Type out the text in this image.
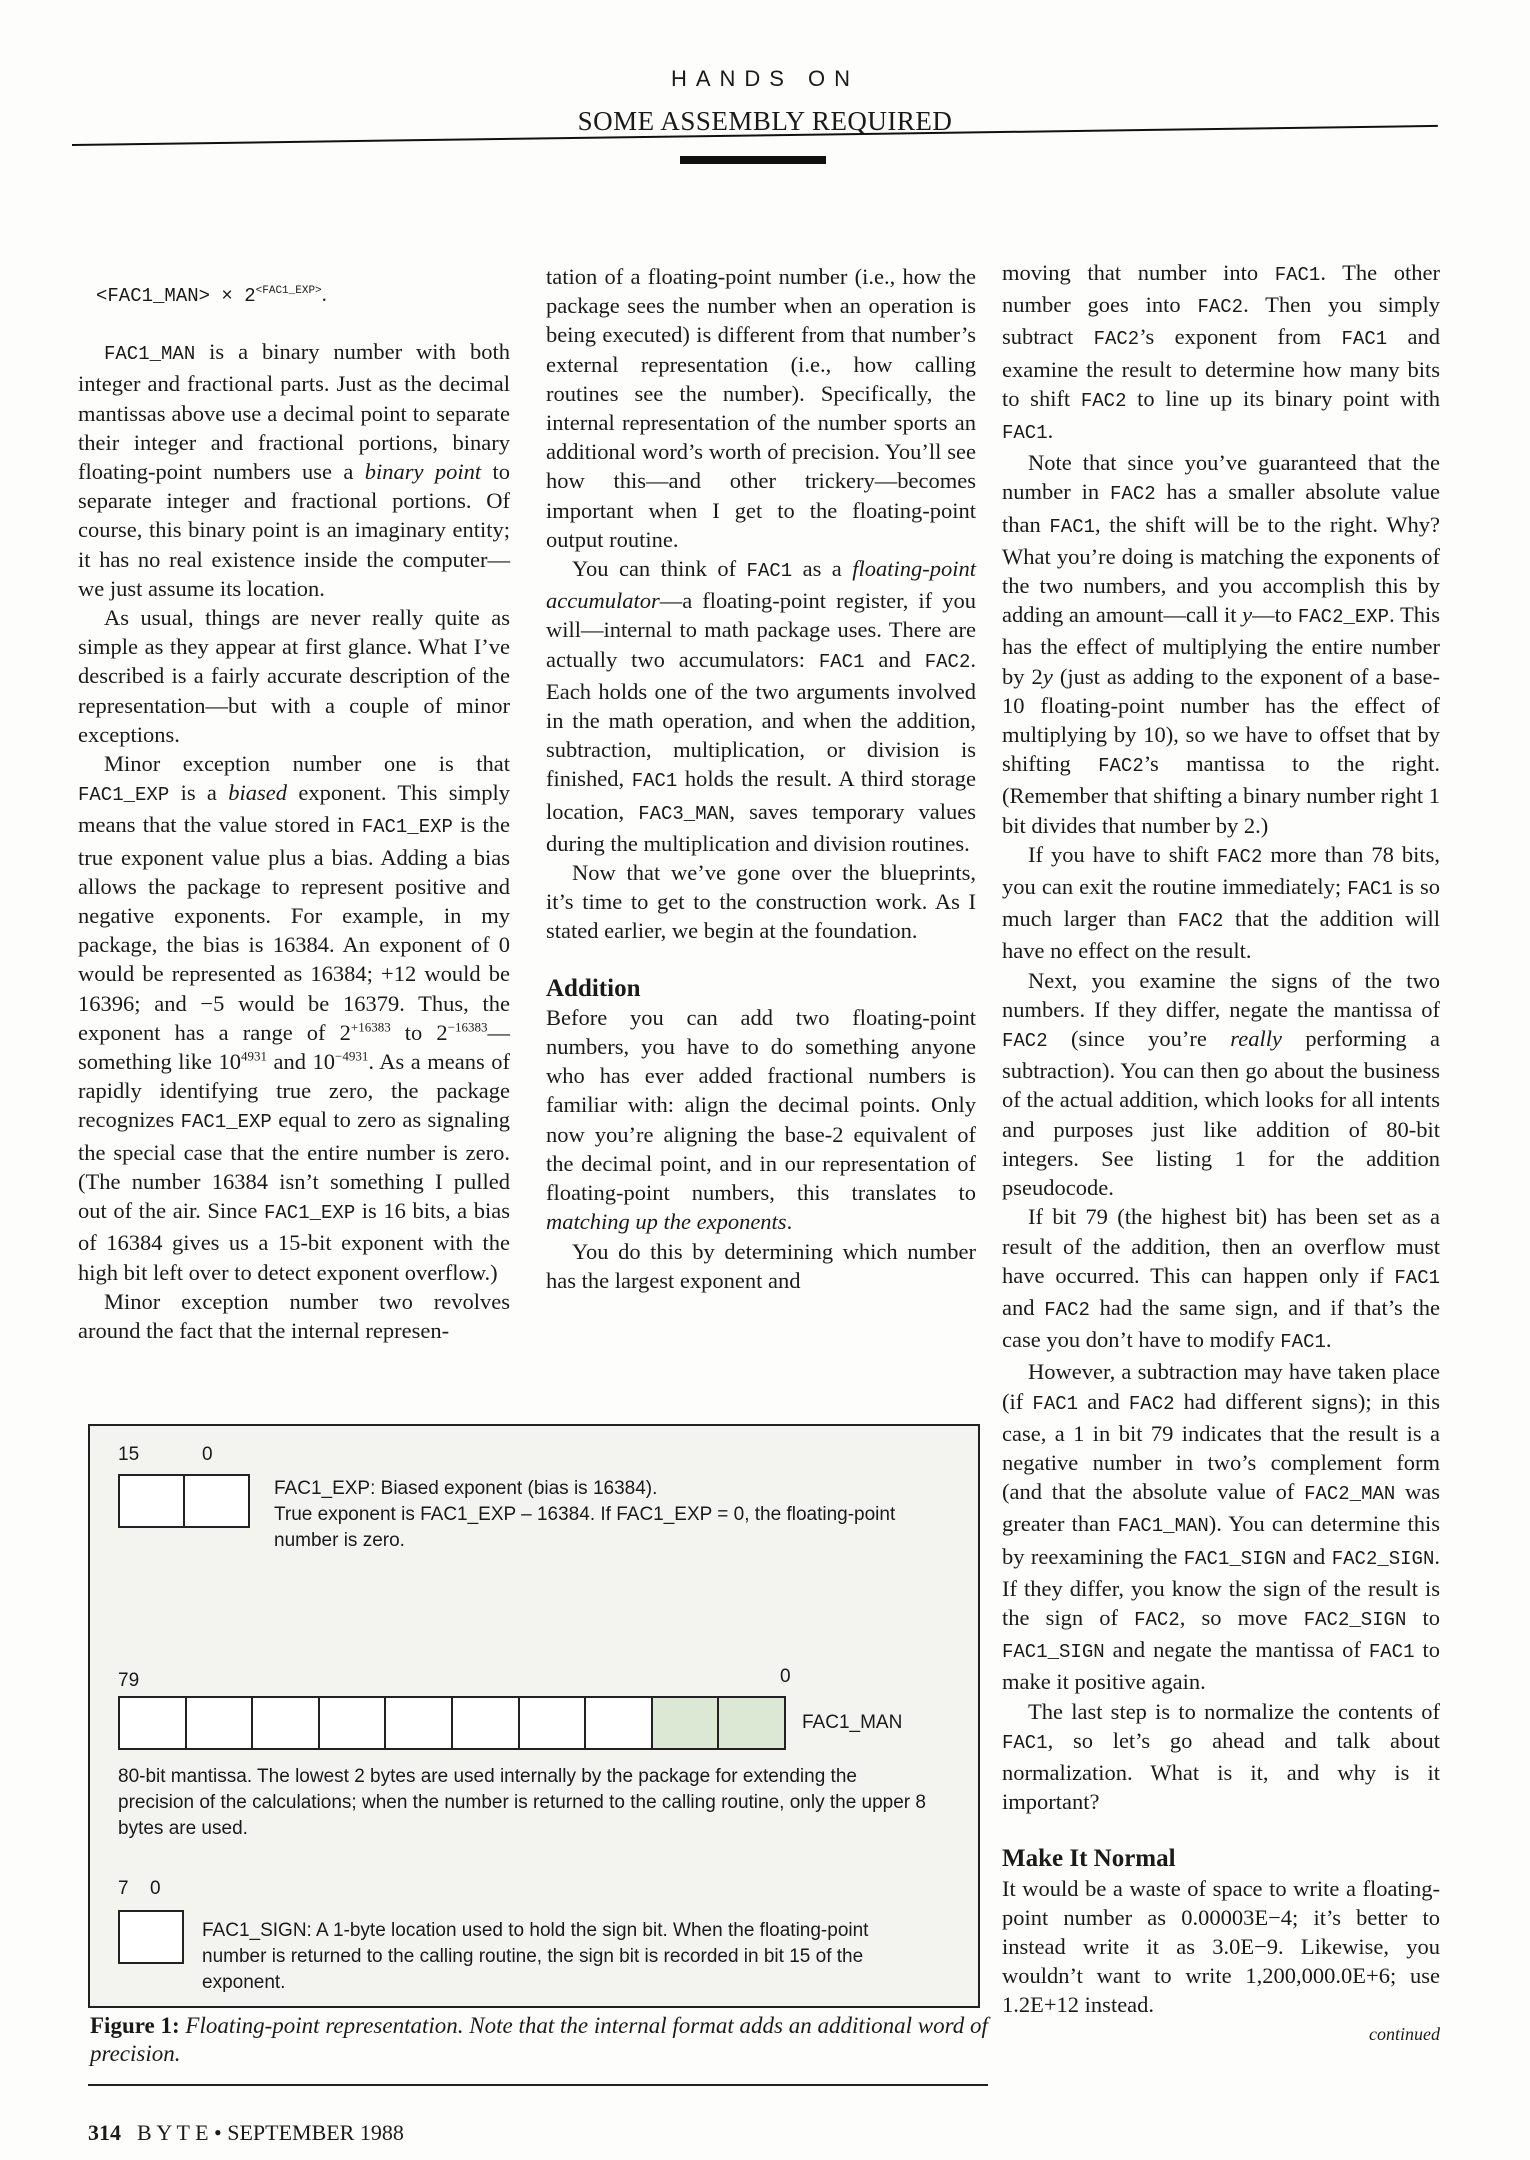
HANDS ON
SOME ASSEMBLY REQUIRED

<FAC1_MAN> × $2^{<FAC1\_EXP>}$.

FAC1_MAN is a binary number with both integer and fractional parts. Just as the decimal mantissas above use a decimal point to separate their integer and fractional portions, binary floating-point numbers use a binary point to separate integer and fractional portions. Of course, this binary point is an imaginary entity; it has no real existence inside the computer—we just assume its location.

As usual, things are never really quite as simple as they appear at first glance. What I’ve described is a fairly accurate description of the representation—but with a couple of minor exceptions.

Minor exception number one is that FAC1_EXP is a biased exponent. This simply means that the value stored in FAC1_EXP is the true exponent value plus a bias. Adding a bias allows the package to represent positive and negative exponents. For example, in my package, the bias is 16384. An exponent of 0 would be represented as 16384; +12 would be 16396; and −5 would be 16379. Thus, the exponent has a range of $2^{+16383}$ to $2^{-16383}—something$ like $10^{4931}$ and $10^{-4931}$. As a means of rapidly identifying true zero, the package recognizes FAC1_EXP equal to zero as signaling the special case that the entire number is zero. (The number 16384 isn’t something I pulled out of the air. Since FAC1_EXP is 16 bits, a bias of 16384 gives us a 15-bit exponent with the high bit left over to detect exponent overflow.)

Minor exception number two revolves around the fact that the internal represen-

tation of a floating-point number (i.e., how the package sees the number when an operation is being executed) is different from that number’s external representation (i.e., how calling routines see the number). Specifically, the internal representation of the number sports an additional word’s worth of precision. You’ll see how this—and other trickery—becomes important when I get to the floating-point output routine.

You can think of FAC1 as a floating-point accumulator—a floating-point register, if you will—internal to math package uses. There are actually two accumulators: FAC1 and FAC2. Each holds one of the two arguments involved in the math operation, and when the addition, subtraction, multiplication, or division is finished, FAC1 holds the result. A third storage location, FAC3_MAN, saves temporary values during the multiplication and division routines.

Now that we’ve gone over the blueprints, it’s time to get to the construction work. As I stated earlier, we begin at the foundation.

Addition

Before you can add two floating-point numbers, you have to do something anyone who has ever added fractional numbers is familiar with: align the decimal points. Only now you’re aligning the base-2 equivalent of the decimal point, and in our representation of floating-point numbers, this translates to matching up the exponents.

You do this by determining which number has the largest exponent and

moving that number into FAC1. The other number goes into FAC2. Then you simply subtract FAC2’s exponent from FAC1 and examine the result to determine how many bits to shift FAC2 to line up its binary point with FAC1.

Note that since you’ve guaranteed that the number in FAC2 has a smaller absolute value than FAC1, the shift will be to the right. Why? What you’re doing is matching the exponents of the two numbers, and you accomplish this by adding an amount—call it y—to FAC2_EXP. This has the effect of multiplying the entire number by 2y (just as adding to the exponent of a base-10 floating-point number has the effect of multiplying by 10), so we have to offset that by shifting FAC2’s mantissa to the right. (Remember that shifting a binary number right 1 bit divides that number by 2.)

If you have to shift FAC2 more than 78 bits, you can exit the routine immediately; FAC1 is so much larger than FAC2 that the addition will have no effect on the result.

Next, you examine the signs of the two numbers. If they differ, negate the mantissa of FAC2 (since you’re really performing a subtraction). You can then go about the business of the actual addition, which looks for all intents and purposes just like addition of 80-bit integers. See listing 1 for the addition pseudocode.

If bit 79 (the highest bit) has been set as a result of the addition, then an overflow must have occurred. This can happen only if FAC1 and FAC2 had the same sign, and if that’s the case you don’t have to modify FAC1.

However, a subtraction may have taken place (if FAC1 and FAC2 had different signs); in this case, a 1 in bit 79 indicates that the result is a negative number in two’s complement form (and that the absolute value of FAC2_MAN was greater than FAC1_MAN). You can determine this by reexamining the FAC1_SIGN and FAC2_SIGN. If they differ, you know the sign of the result is the sign of FAC2, so move FAC2_SIGN to FAC1_SIGN and negate the mantissa of FAC1 to make it positive again.

The last step is to normalize the contents of FAC1, so let’s go ahead and talk about normalization. What is it, and why is it important?

Make It Normal

It would be a waste of space to write a floating-point number as 0.00003E−4; it’s better to instead write it as 3.0E−9. Likewise, you wouldn’t want to write 1,200,000.0E+6; use 1.2E+12 instead.

continued
15	0
FAC1_EXP: Biased exponent (bias is 16384).
True exponent is FAC1_EXP – 16384. If FAC1_EXP = 0, the floating-point number is zero.
79	0
FAC1_MAN
80-bit mantissa. The lowest 2 bytes are used internally by the package for extending the precision of the calculations; when the number is returned to the calling routine, only the upper 8 bytes are used.
7 0
FAC1_SIGN: A 1-byte location used to hold the sign bit. When the floating-point number is returned to the calling routine, the sign bit is recorded in bit 15 of the exponent.
Figure 1: Floating-point representation. Note that the internal format adds an additional word of precision.
314 B Y T E • SEPTEMBER 1988
